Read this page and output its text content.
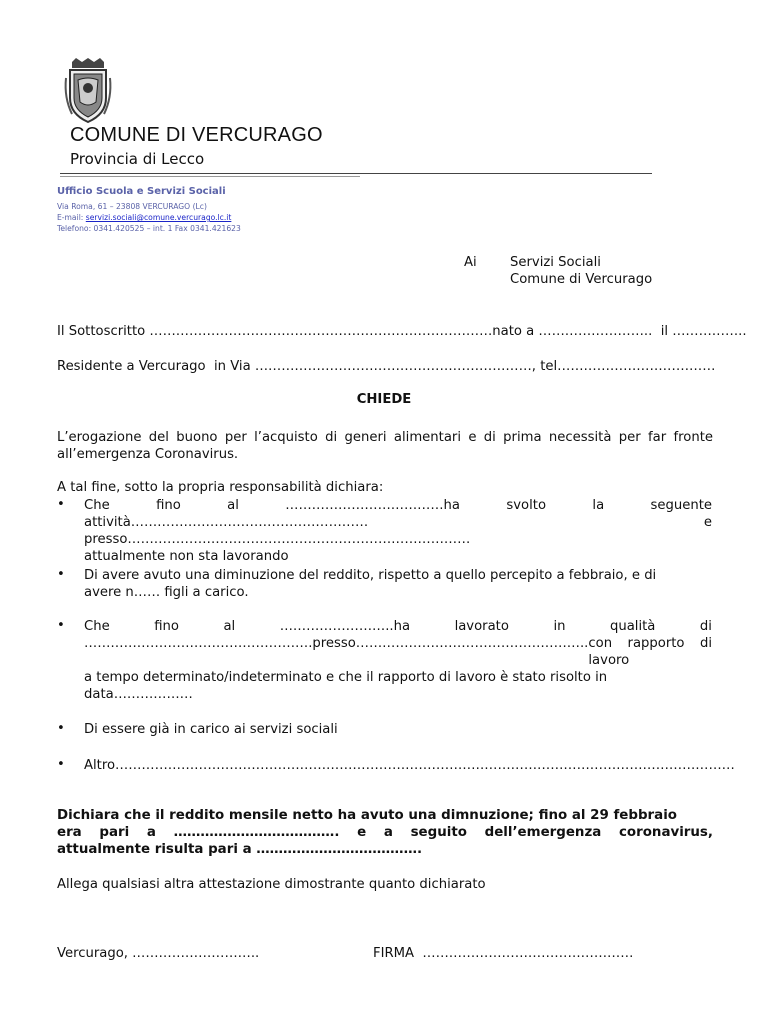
COMUNE DI VERCURAGO
Provincia di Lecco
Ufficio Scuola e Servizi Sociali
Via Roma, 61 – 23808 VERCURAGO (Lc)
E-mail: servizi.sociali@comune.vercurago.lc.it
Telefono: 0341.420525 – int. 1 Fax 0341.421623
Ai	Servizi Sociali
Comune di Vercurago
Il Sottoscritto ……………………………………………………………………nato a ……………………..  il ……………..
Residente a Vercurago  in Via ………………………………………………………, tel………………………………
CHIEDE
L’erogazione del buono per l’acquisto di generi alimentari e di prima necessità per far fronte all’emergenza Coronavirus.
A tal fine, sotto la propria responsabilità dichiara:
•	Che	fino	al	………………………………ha	svolto	la	seguente
attività………………………………………………presso……………………………………………………………………
e
attualmente non sta lavorando
•	Di avere avuto una diminuzione del reddito, rispetto a quello percepito a febbraio, e di
avere n…… figli a carico.
•	Che	fino	al	……………………..ha	lavorato	in	qualità	di
…………………………………………….presso…………………………………………….. con rapporto di lavoro
a tempo determinato/indeterminato e che il rapporto di lavoro è stato risolto in
data………………
•	Di essere già in carico ai servizi sociali
•	Altro……………………………………………………………………………………………………………………………
Dichiara che il reddito mensile netto ha avuto una dimnuzione; fino al 29 febbraio
era pari a ………………………………. e a seguito dell’emergenza coronavirus,
attualmente risulta pari a ……………………………….
Allega qualsiasi altra attestazione dimostrante quanto dichiarato
Vercurago, ………………………..	FIRMA  …………………………………………
